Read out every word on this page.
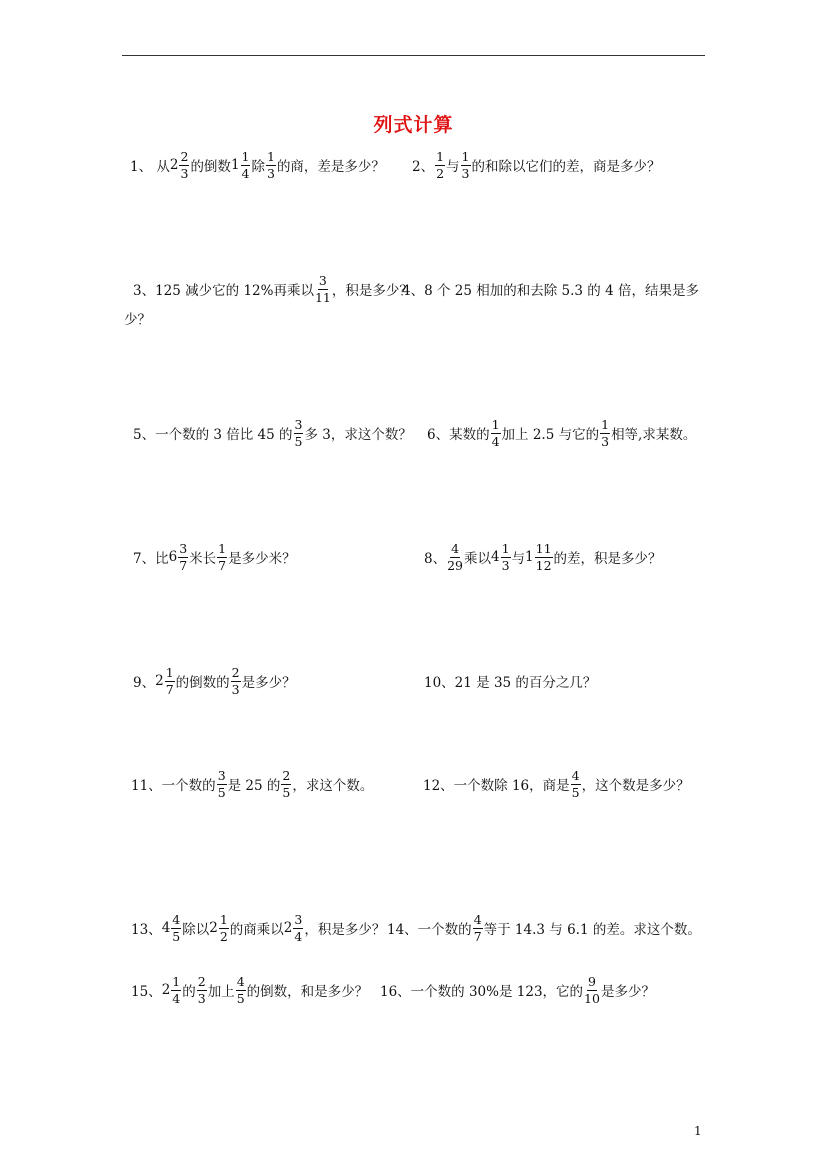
列式计算
1、 从 2
2
3 的倒数 1
1
4 除
1
3 的商，差是多少？ 2、
1
2 与
1
3 的和除以它们的差，商是多少？
3、125 减少它的 12%再乘以
3
11 ，积是多少？
4、8 个 25 相加的和去除 5.3 的 4 倍，结果是多
少？
5、一个数的 3 倍比 45 的
3
5 多 3，求这个数？ 6、某数的
1
4 加上 2.5 与它的
1
3 相等,求某数。
7、比 6
3
7 米长
1
7 是多少米？	8、
4
29 乘以 4
1
3 与 1
11
12 的差，积是多少？
9、 2
1
7 的倒数的
2
3 是多少？	10、21 是 35 的百分之几？
11、一个数的
3
5 是 25 的
2
5 ，求这个数。	12、一个数除 16，商是
4
5 ，这个数是多少？
13、 4
4
5 除以 2
1
2 的商乘以 2
3
4 ，积是多少？ 14、一个数的
4
7 等于 14.3 与 6.1 的差。求这个数。
15、 2
1
4 的
2
3 加上
4
5 的倒数，和是多少？ 16、一个数的 30%是 123，它的
9
10 是多少？
1
